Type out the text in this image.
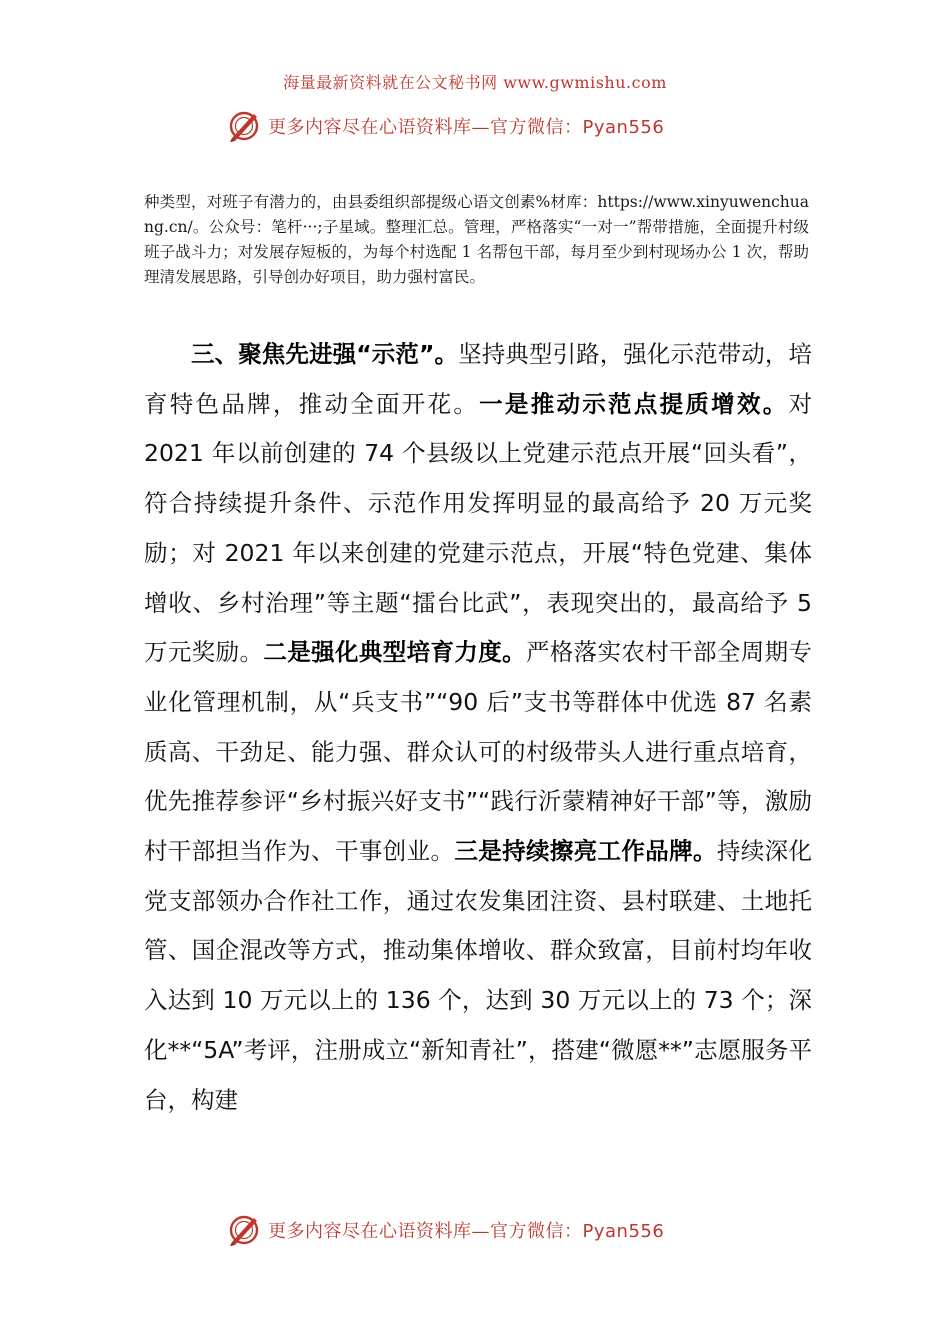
海量最新资料就在公文秘书网 www.gwmishu.com
更多内容尽在心语资料库—官方微信：Pyan556

种类型，对班子有潜力的，由县委组织部提级心语文创素%材库：https://www.xinyuwenchuang.cn/。公众号：笔杆···;子星域。整理汇总。管理，严格落实“一对一”帮带措施，全面提升村级班子战斗力；对发展存短板的，为每个村选配 1 名帮包干部，每月至少到村现场办公 1 次，帮助理清发展思路，引导创办好项目，助力强村富民。

三、聚焦先进强“示范”。坚持典型引路，强化示范带动，培育特色品牌，推动全面开花。一是推动示范点提质增效。对 2021 年以前创建的 74 个县级以上党建示范点开展“回头看”，符合持续提升条件、示范作用发挥明显的最高给予 20 万元奖励；对 2021 年以来创建的党建示范点，开展“特色党建、集体增收、乡村治理”等主题“擂台比武”，表现突出的，最高给予 5 万元奖励。二是强化典型培育力度。严格落实农村干部全周期专业化管理机制，从“兵支书”“90 后”支书等群体中优选 87 名素质高、干劲足、能力强、群众认可的村级带头人进行重点培育，优先推荐参评“乡村振兴好支书”“践行沂蒙精神好干部”等，激励村干部担当作为、干事创业。三是持续擦亮工作品牌。持续深化党支部领办合作社工作，通过农发集团注资、县村联建、土地托管、国企混改等方式，推动集体增收、群众致富，目前村均年收入达到 10 万元以上的 136 个，达到 30 万元以上的 73 个；深化**“5A”考评，注册成立“新知青社”，搭建“微愿**”志愿服务平台，构建

更多内容尽在心语资料库—官方微信：Pyan556
